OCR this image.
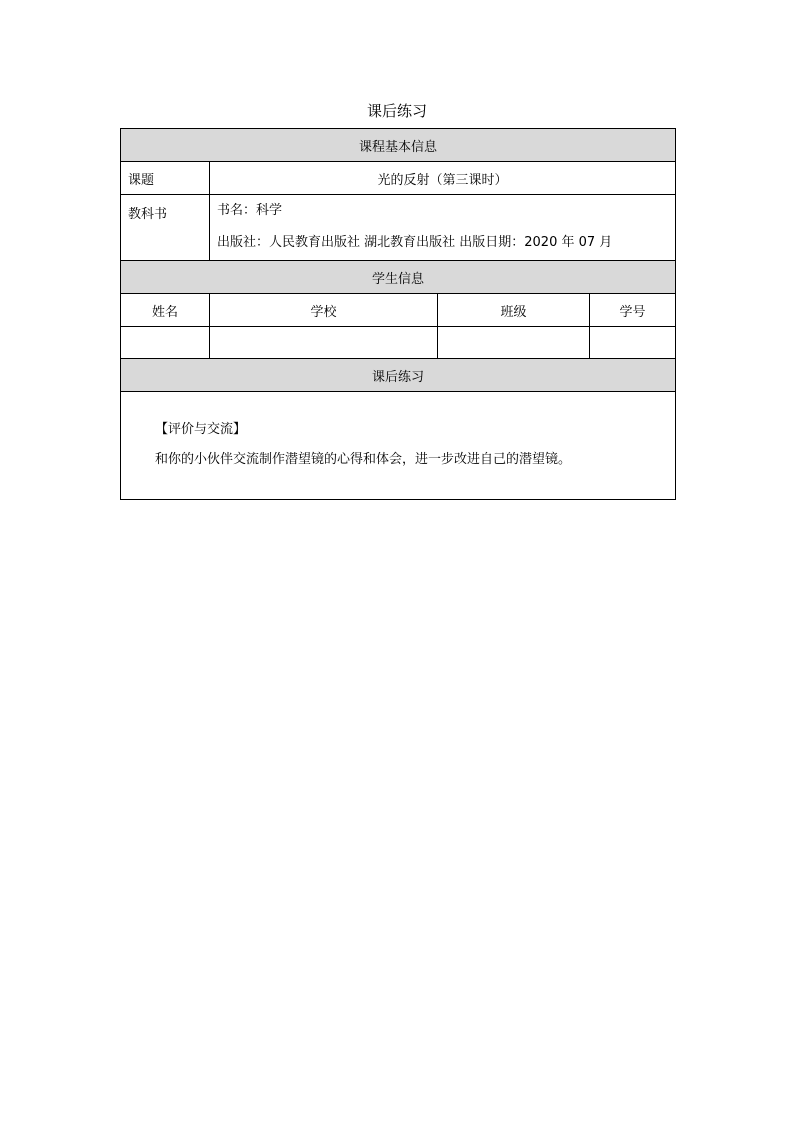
课后练习
课程基本信息			
课题	光的反射（第三课时）		
教科书	书名：科学

出版社：人民教育出版社 湖北教育出版社 出版日期：2020 年 07 月		

学生信息			
姓名	学校	班级	学号

课后练习			

【评价与交流】

和你的小伙伴交流制作潜望镜的心得和体会，进一步改进自己的潜望镜。			
